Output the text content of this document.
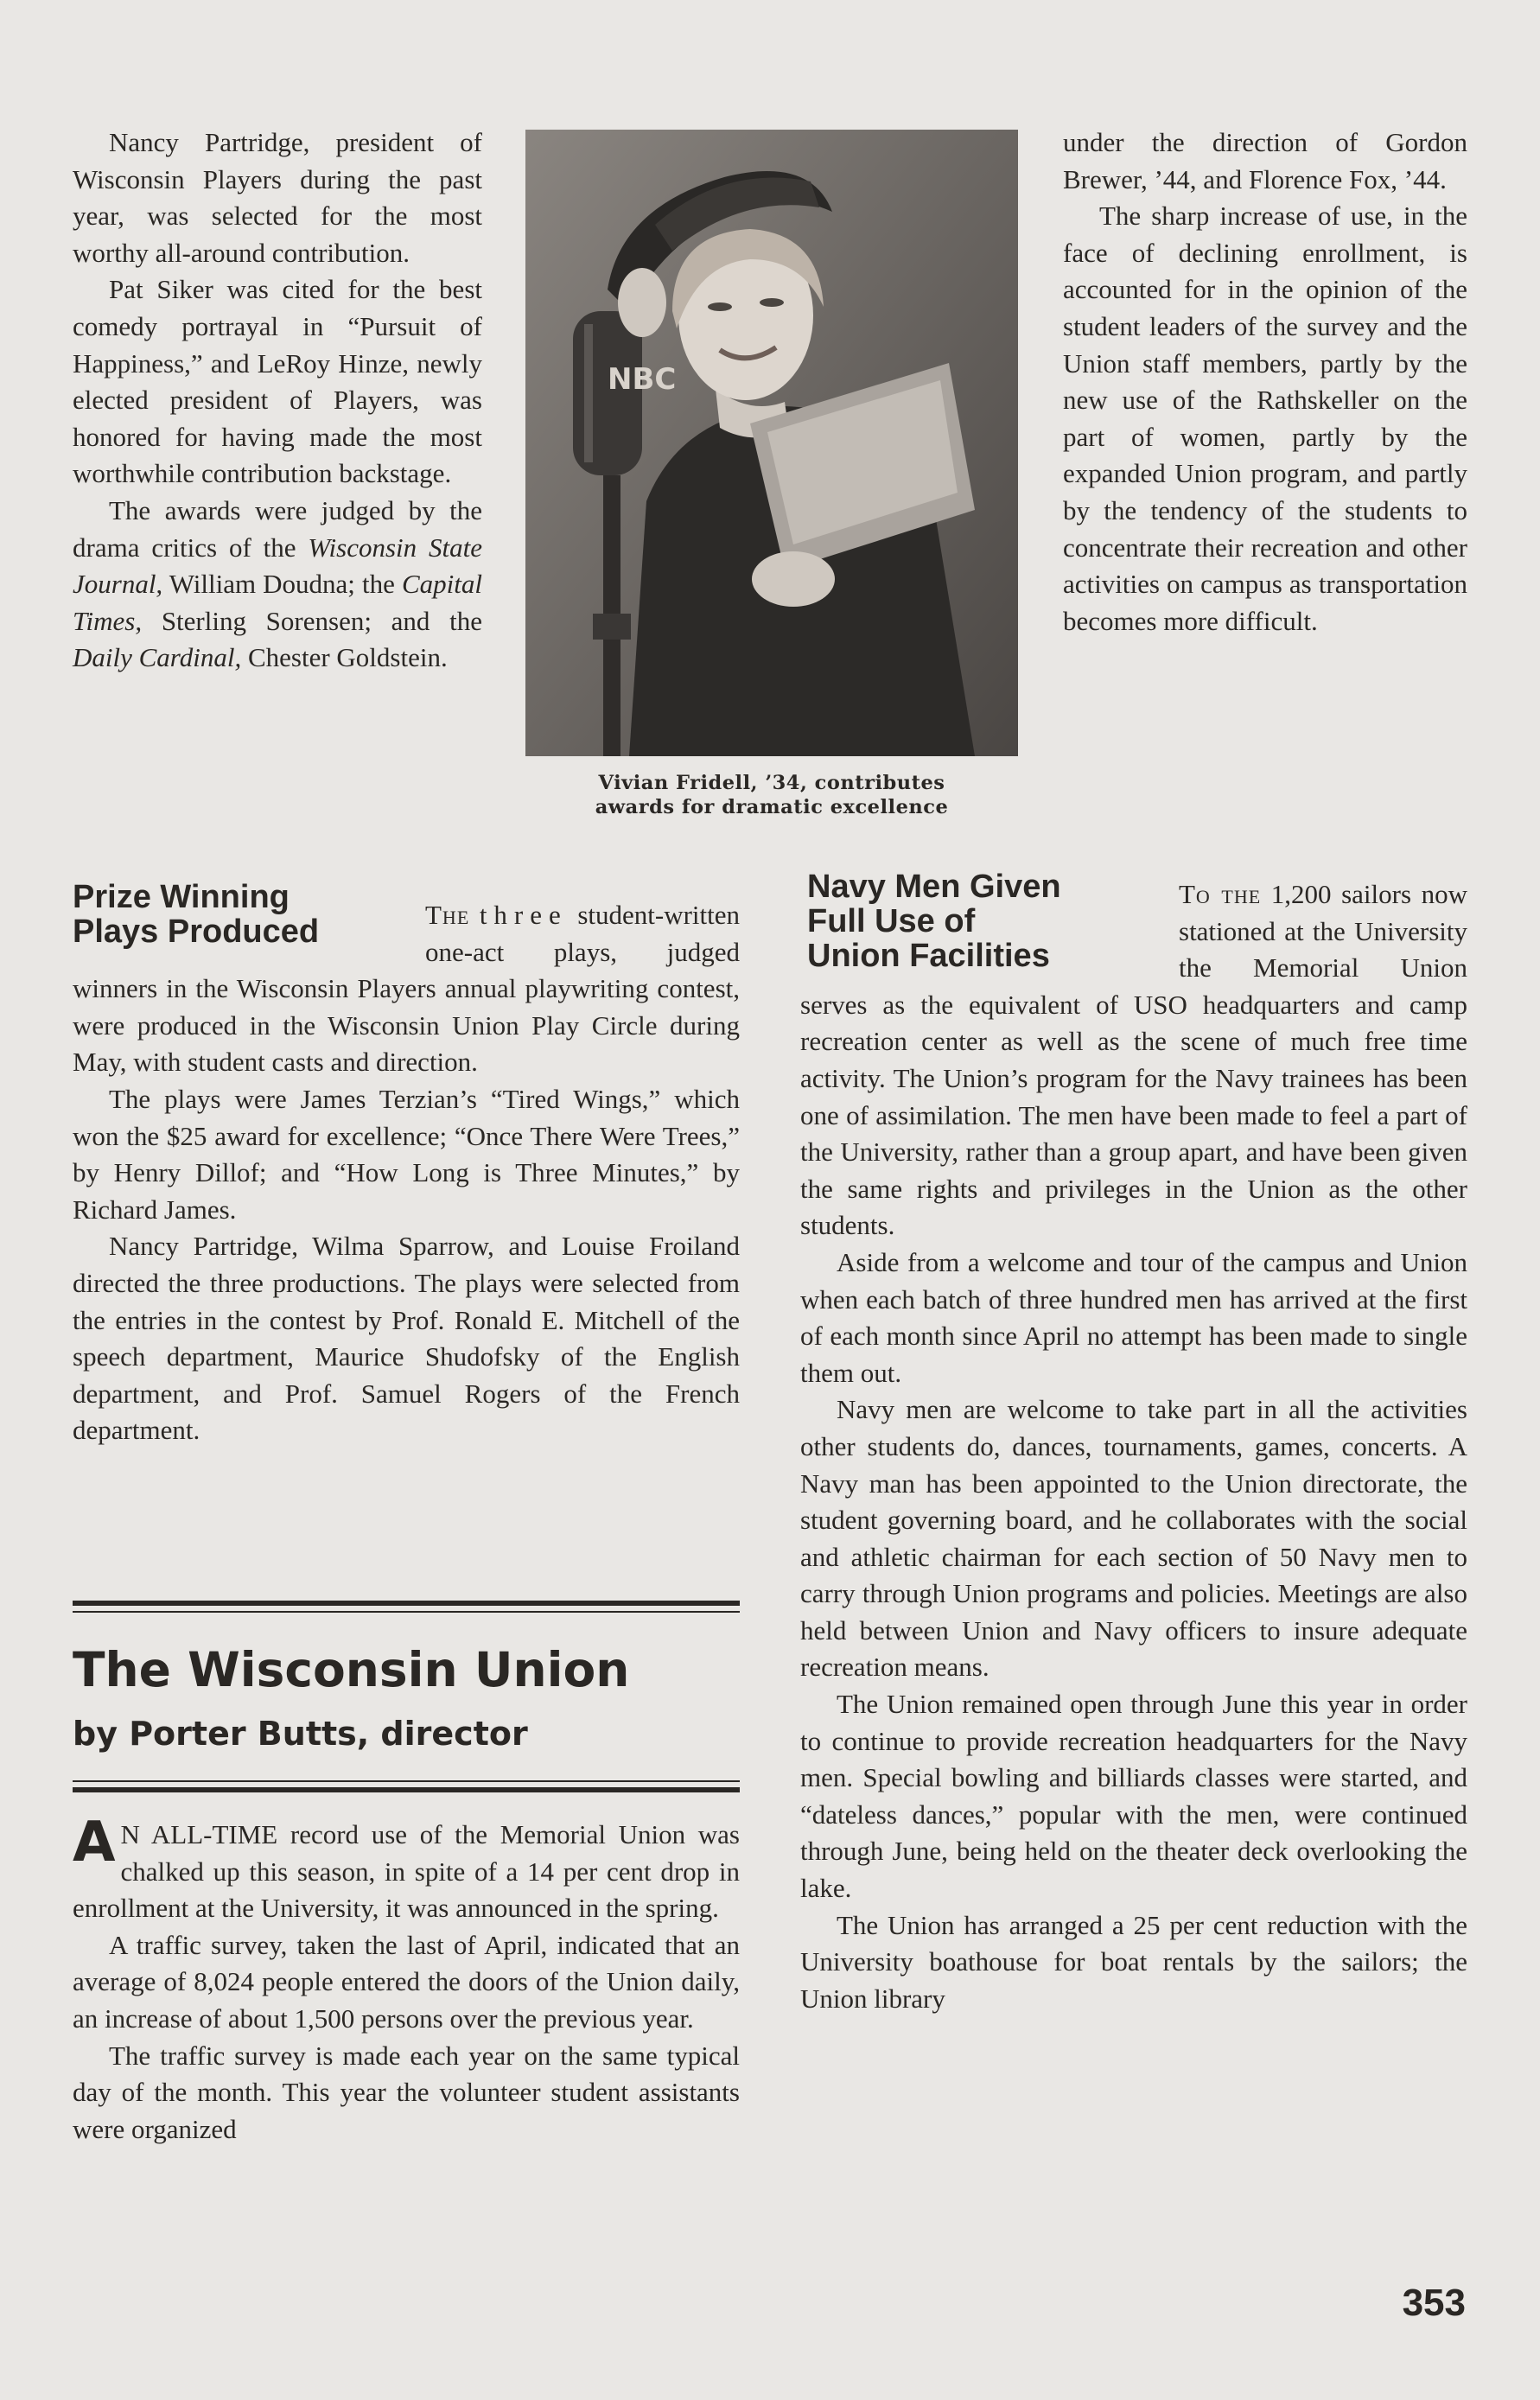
Nancy Partridge, president of Wisconsin Players during the past year, was selected for the most worthy all-around contribution.

Pat Siker was cited for the best comedy portrayal in “Pursuit of Happiness,” and LeRoy Hinze, newly elected president of Players, was honored for having made the most worthwhile contribution backstage.

The awards were judged by the drama critics of the Wisconsin State Journal, William Doudna; the Capital Times, Sterling Sorensen; and the Daily Cardinal, Chester Goldstein.

NBC
Vivian Fridell, ’34, contributes
awards for dramatic excellence

under the direction of Gordon Brewer, ’44, and Florence Fox, ’44.

The sharp increase of use, in the face of declining enrollment, is accounted for in the opinion of the student leaders of the survey and the Union staff members, partly by the new use of the Rathskeller on the part of women, partly by the expanded Union program, and partly by the tendency of the students to concentrate their recreation and other activities on campus as transportation becomes more difficult.

Prize Winning
Plays Produced	The three student-written one-act plays, judged winners in the Wisconsin Players annual playwriting contest, were produced in the Wisconsin Union Play Circle during May, with student casts and direction.

The plays were James Terzian’s “Tired Wings,” which won the $25 award for excellence; “Once There Were Trees,” by Henry Dillof; and “How Long is Three Minutes,” by Richard James.

Nancy Partridge, Wilma Sparrow, and Louise Froiland directed the three productions. The plays were selected from the entries in the contest by Prof. Ronald E. Mitchell of the speech department, Maurice Shudofsky of the English department, and Prof. Samuel Rogers of the French department.

The Wisconsin Union
by Porter Butts, director

A N ALL-TIME record use of the Memorial Union was chalked up this season, in spite of a 14 per cent drop in enrollment at the University, it was announced in the spring.

A traffic survey, taken the last of April, indicated that an average of 8,024 people entered the doors of the Union daily, an increase of about 1,500 persons over the previous year.

The traffic survey is made each year on the same typical day of the month. This year the volunteer student assistants were organized

Navy Men Given
Full Use of
Union Facilities

To the 1,200 sailors now stationed at the University the Memorial Union serves as the equivalent of USO headquarters and camp recreation center as well as the scene of much free time activity. The Union’s program for the Navy trainees has been one of assimilation. The men have been made to feel a part of the University, rather than a group apart, and have been given the same rights and privileges in the Union as the other students.

Aside from a welcome and tour of the campus and Union when each batch of three hundred men has arrived at the first of each month since April no attempt has been made to single them out.

Navy men are welcome to take part in all the activities other students do, dances, tournaments, games, concerts. A Navy man has been appointed to the Union directorate, the student governing board, and he collaborates with the social and athletic chairman for each section of 50 Navy men to carry through Union programs and policies. Meetings are also held between Union and Navy officers to insure adequate recreation means.

The Union remained open through June this year in order to continue to provide recreation headquarters for the Navy men. Special bowling and billiards classes were started, and “dateless dances,” popular with the men, were continued through June, being held on the theater deck overlooking the lake.

The Union has arranged a 25 per cent reduction with the University boathouse for boat rentals by the sailors; the Union library

353
